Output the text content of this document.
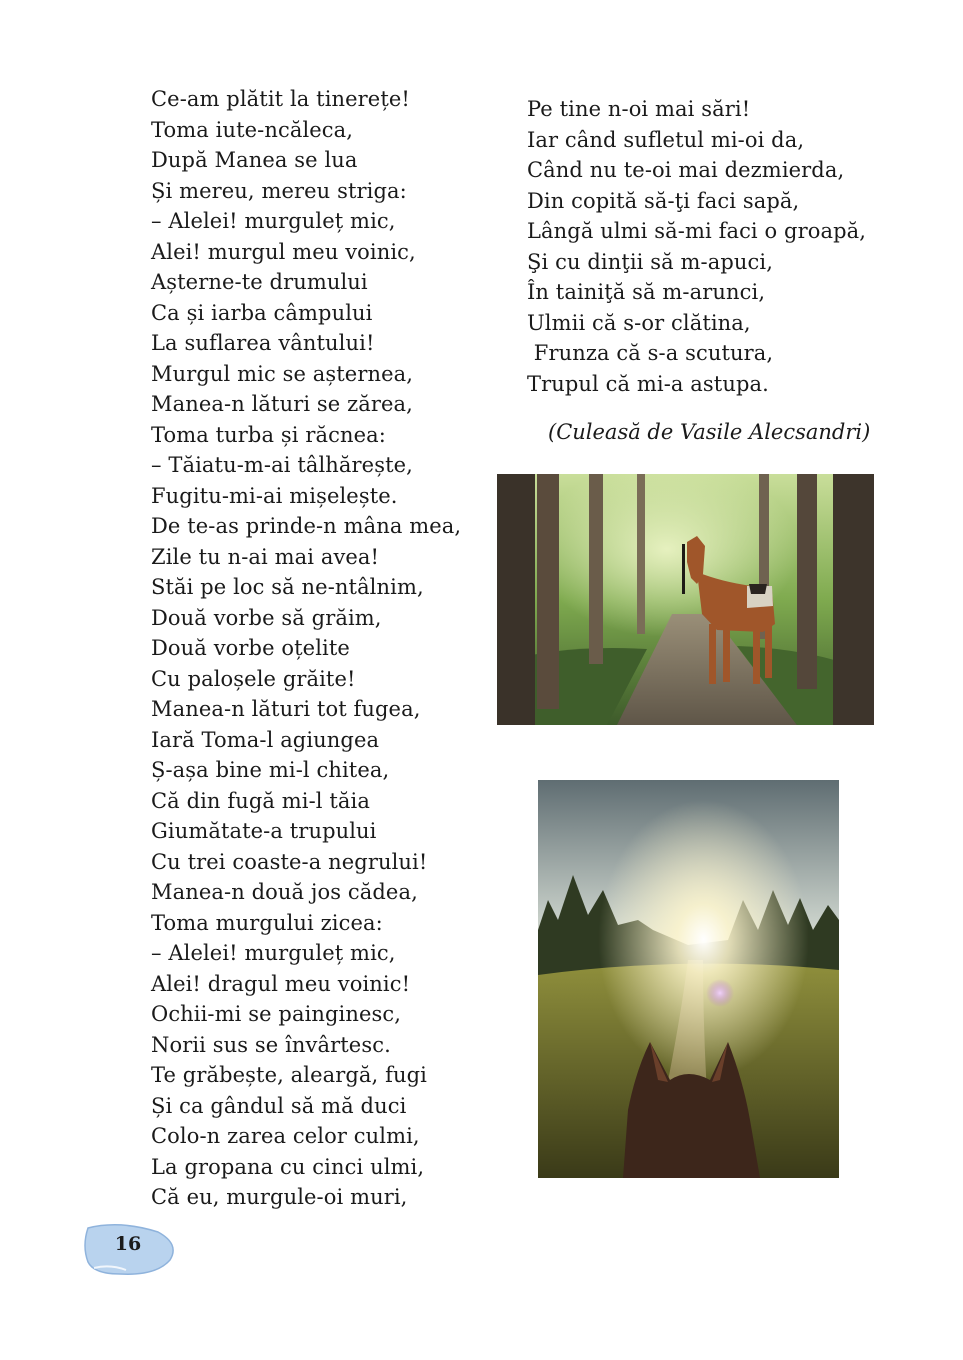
Ce-am plătit la tinerețe!
Toma iute-ncăleca,
După Manea se lua
Și mereu, mereu striga:
– Alelei! murguleț mic,
Alei! murgul meu voinic,
Așterne-te drumului
Ca și iarba câmpului
La suflarea vântului!
Murgul mic se așternea,
Manea-n lături se zărea,
Toma turba și răcnea:
– Tăiatu-m-ai tâlhărește,
Fugitu-mi-ai mișelește.
De te-as prinde-n mâna mea,
Zile tu n-ai mai avea!
Stăi pe loc să ne-ntâlnim,
Două vorbe să grăim,
Două vorbe oțelite
Cu paloșele grăite!
Manea-n lături tot fugea,
Iară Toma-l agiungea
Ș-așa bine mi-l chitea,
Că din fugă mi-l tăia
Giumătate-a trupului
Cu trei coaste-a negrului!
Manea-n două jos cădea,
Toma murgului zicea:
– Alelei! murguleț mic,
Alei! dragul meu voinic!
Ochii-mi se painginesc,
Norii sus se învârtesc.
Te grăbește, aleargă, fugi
Și ca gândul să mă duci
Colo-n zarea celor culmi,
La gropana cu cinci ulmi,
Că eu, murgule-oi muri,
Pe tine n-oi mai sări!
Iar când sufletul mi-oi da,
Când nu te-oi mai dezmierda,
Din copită să-ţi faci sapă,
Lângă ulmi să-mi faci o groapă,
Şi cu dinţii să m-apuci,
În tainiţă să m-arunci,
Ulmii că s-or clătina,
Frunza că s-a scutura,
Trupul că mi-a astupa.
(Culeasă de Vasile Alecsandri)
16
